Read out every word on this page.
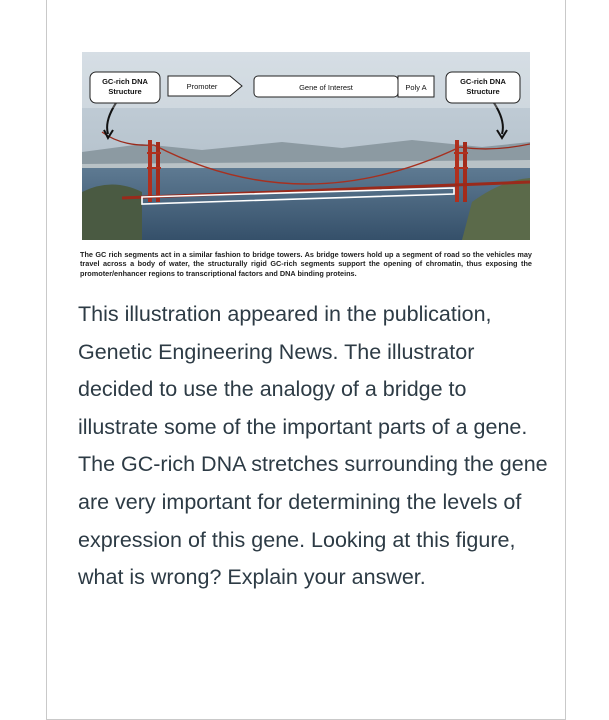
GC-rich DNA Structure
Promoter	Gene of Interest	Poly A
GC-rich DNA Structure
The GC rich segments act in a similar fashion to bridge towers. As bridge towers hold up a segment of road so the vehicles may travel across a body of water, the structurally rigid GC-rich segments support the opening of chromatin, thus exposing the promoter/enhancer regions to transcriptional factors and DNA binding proteins.

This illustration appeared in the publication, Genetic Engineering News. The illustrator decided to use the analogy of a bridge to illustrate some of the important parts of a gene. The GC-rich DNA stretches surrounding the gene are very important for determining the levels of expression of this gene. Looking at this figure, what is wrong? Explain your answer.
